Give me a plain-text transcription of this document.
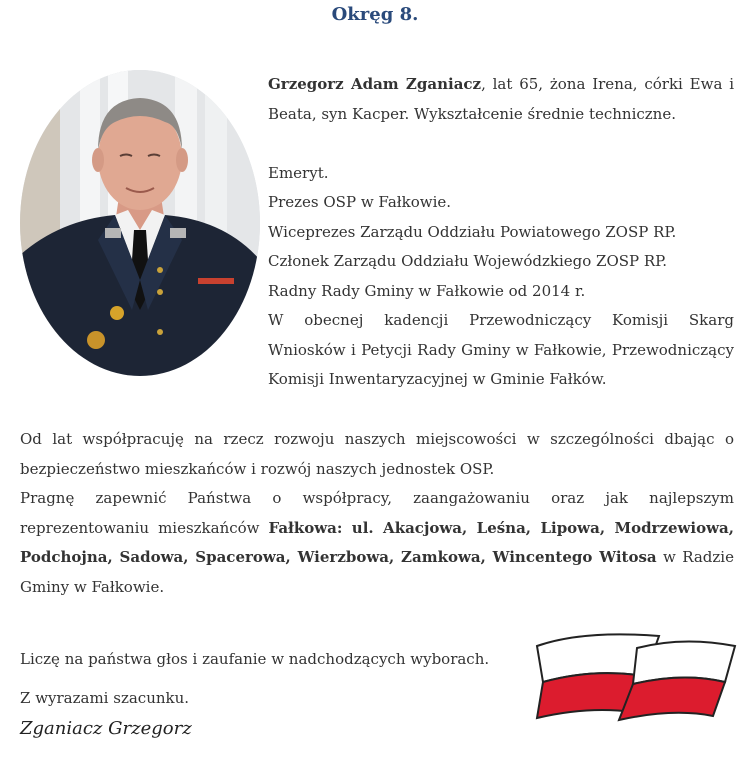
Okręg 8.

Grzegorz Adam Zganiacz, lat 65, żona Irena, córki Ewa i Beata, syn Kacper. Wykształcenie średnie techniczne.

Emeryt.

Prezes OSP w Fałkowie.

Wiceprezes Zarządu Oddziału Powiatowego ZOSP RP.

Członek Zarządu Oddziału Wojewódzkiego ZOSP RP.

Radny Rady Gminy w Fałkowie od 2014 r.

W obecnej kadencji Przewodniczący Komisji Skarg Wniosków i Petycji Rady Gminy w Fałkowie, Przewodniczący Komisji Inwentaryzacyjnej w Gminie Fałków.

Od lat współpracuję na rzecz rozwoju naszych miejscowości w szczególności dbając o bezpieczeństwo mieszkańców i rozwój naszych jednostek OSP.

Pragnę zapewnić Państwa o współpracy, zaangażowaniu oraz jak najlepszym reprezentowaniu mieszkańców Fałkowa: ul. Akacjowa, Leśna, Lipowa, Modrzewiowa, Podchojna, Sadowa, Spacerowa, Wierzbowa, Zamkowa, Wincentego Witosa w Radzie Gminy w Fałkowie.

Liczę na państwa głos i zaufanie w nadchodzących wyborach.
Z wyrazami szacunku.
Zganiacz Grzegorz
